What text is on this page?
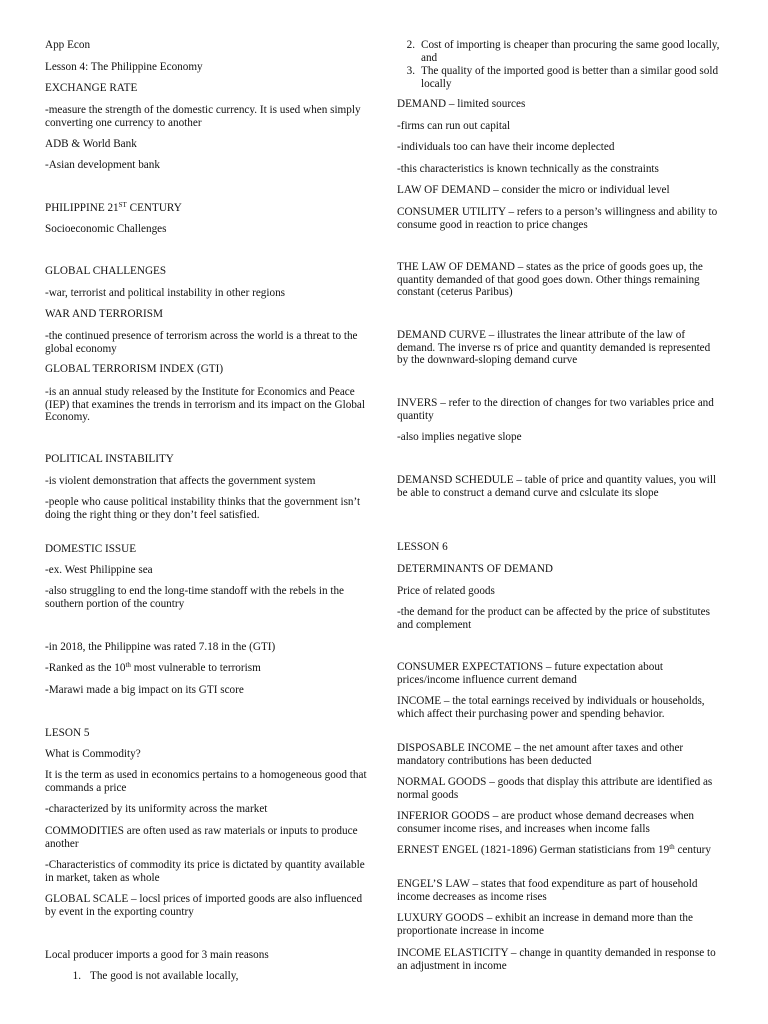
App Econ

Lesson 4: The Philippine Economy

EXCHANGE RATE

-measure the strength of the domestic currency. It is used when simply converting one currency to another

ADB & World Bank

-Asian development bank

PHILIPPINE 21ST CENTURY

Socioeconomic Challenges

GLOBAL CHALLENGES

-war, terrorist and political instability in other regions

WAR AND TERRORISM

-the continued presence of terrorism across the world is a threat to the global economy

GLOBAL TERRORISM INDEX (GTI)

-is an annual study released by the Institute for Economics and Peace (IEP) that examines the trends in terrorism and its impact on the Global Economy.

POLITICAL INSTABILITY

-is violent demonstration that affects the government system

-people who cause political instability thinks that the government isn’t doing the right thing or they don’t feel satisfied.

DOMESTIC ISSUE

-ex. West Philippine sea

-also struggling to end the long-time standoff with the rebels in the southern portion of the country

-in 2018, the Philippine was rated 7.18 in the (GTI)

-Ranked as the 10th most vulnerable to terrorism

-Marawi made a big impact on its GTI score

LESON 5

What is Commodity?

It is the term as used in economics pertains to a homogeneous good that commands a price

-characterized by its uniformity across the market

COMMODITIES are often used as raw materials or inputs to produce another

-Characteristics of commodity its price is dictated by quantity available in market, taken as whole

GLOBAL SCALE – locsl prices of imported goods are also influenced by event in the exporting country

Local producer imports a good for 3 main reasons

1. The good is not available locally,
2. Cost of importing is cheaper than procuring the same good locally, and
3. The quality of the imported good is better than a similar good sold locally

DEMAND – limited sources

-firms can run out capital

-individuals too can have their income deplected

-this characteristics is known technically as the constraints

LAW OF DEMAND – consider the micro or individual level

CONSUMER UTILITY – refers to a person’s willingness and ability to consume good in reaction to price changes

THE LAW OF DEMAND – states as the price of goods goes up, the quantity demanded of that good goes down. Other things remaining constant (ceterus Paribus)

DEMAND CURVE – illustrates the linear attribute of the law of demand. The inverse rs of price and quantity demanded is represented by the downward-sloping demand curve

INVERS – refer to the direction of changes for two variables price and quantity

-also implies negative slope

DEMANSD SCHEDULE – table of price and quantity values, you will be able to construct a demand curve and cslculate its slope

LESSON 6

DETERMINANTS OF DEMAND

Price of related goods

-the demand for the product can be affected by the price of substitutes and complement

CONSUMER EXPECTATIONS – future expectation about prices/income influence current demand

INCOME – the total earnings received by individuals or households, which affect their purchasing power and spending behavior.

DISPOSABLE INCOME – the net amount after taxes and other mandatory contributions has been deducted

NORMAL GOODS – goods that display this attribute are identified as normal goods

INFERIOR GOODS – are product whose demand decreases when consumer income rises, and increases when income falls

ERNEST ENGEL (1821-1896) German statisticians from 19th century

ENGEL’S LAW – states that food expenditure as part of household income decreases as income rises

LUXURY GOODS – exhibit an increase in demand more than the proportionate increase in income

INCOME ELASTICITY – change in quantity demanded in response to an adjustment in income
